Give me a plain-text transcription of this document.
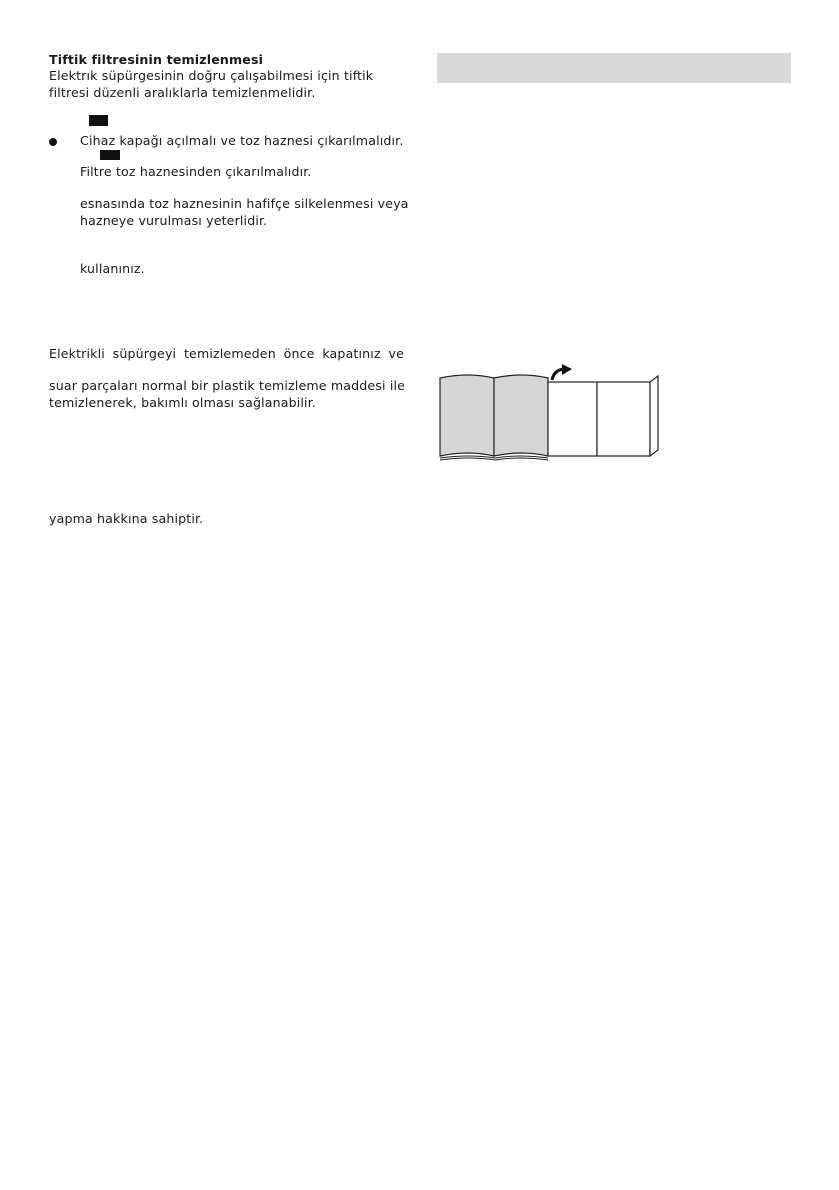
Tiftik filtresinin temizlenmesi
Elektrık süpürgesinin doğru çalışabilmesi için tiftik
filtresi düzenli aralıklarla temizlenmelidir.
Cihaz kapağı açılmalı ve toz haznesi çıkarılmalıdır.
Filtre toz haznesinden çıkarılmalıdır.
esnasında toz haznesinin hafifçe silkelenmesi veya
hazneye vurulması yeterlidir.
kullanınız.
Elektrikli süpürgeyi temizlemeden önce kapatınız ve
suar parçaları normal bir plastik temizleme maddesi ile
temizlenerek, bakımlı olması sağlanabilir.
yapma hakkına sahiptir.
